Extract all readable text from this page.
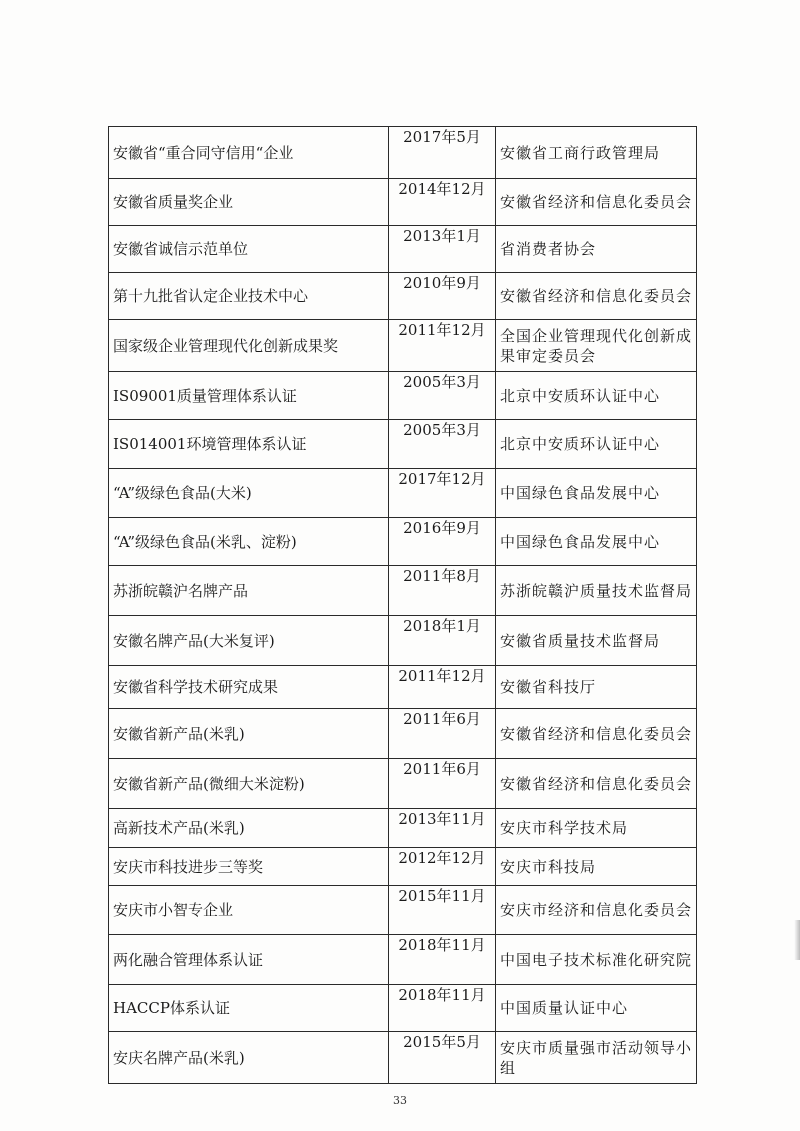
安徽省“重合同守信用“企业	2017年5月	安徽省工商行政管理局
安徽省质量奖企业	2014年12月	安徽省经济和信息化委员会
安徽省诚信示范单位	2013年1月	省消费者协会
第十九批省认定企业技术中心	2010年9月	安徽省经济和信息化委员会
国家级企业管理现代化创新成果奖	2011年12月	全国企业管理现代化创新成果审定委员会
IS09001质量管理体系认证	2005年3月	北京中安质环认证中心
IS014001环境管理体系认证	2005年3月	北京中安质环认证中心
“A”级绿色食品(大米)	2017年12月	中国绿色食品发展中心
“A”级绿色食品(米乳、淀粉)	2016年9月	中国绿色食品发展中心
苏浙皖赣沪名牌产品	2011年8月	苏浙皖赣沪质量技术监督局
安徽名牌产品(大米复评)	2018年1月	安徽省质量技术监督局
安徽省科学技术研究成果	2011年12月	安徽省科技厅
安徽省新产品(米乳)	2011年6月	安徽省经济和信息化委员会
安徽省新产品(微细大米淀粉)	2011年6月	安徽省经济和信息化委员会
高新技术产品(米乳)	2013年11月	安庆市科学技术局
安庆市科技进步三等奖	2012年12月	安庆市科技局
安庆市小智专企业	2015年11月	安庆市经济和信息化委员会
两化融合管理体系认证	2018年11月	中国电子技术标准化研究院
HACCP体系认证	2018年11月	中国质量认证中心
安庆名牌产品(米乳)	2015年5月	安庆市质量强市活动领导小组
33
